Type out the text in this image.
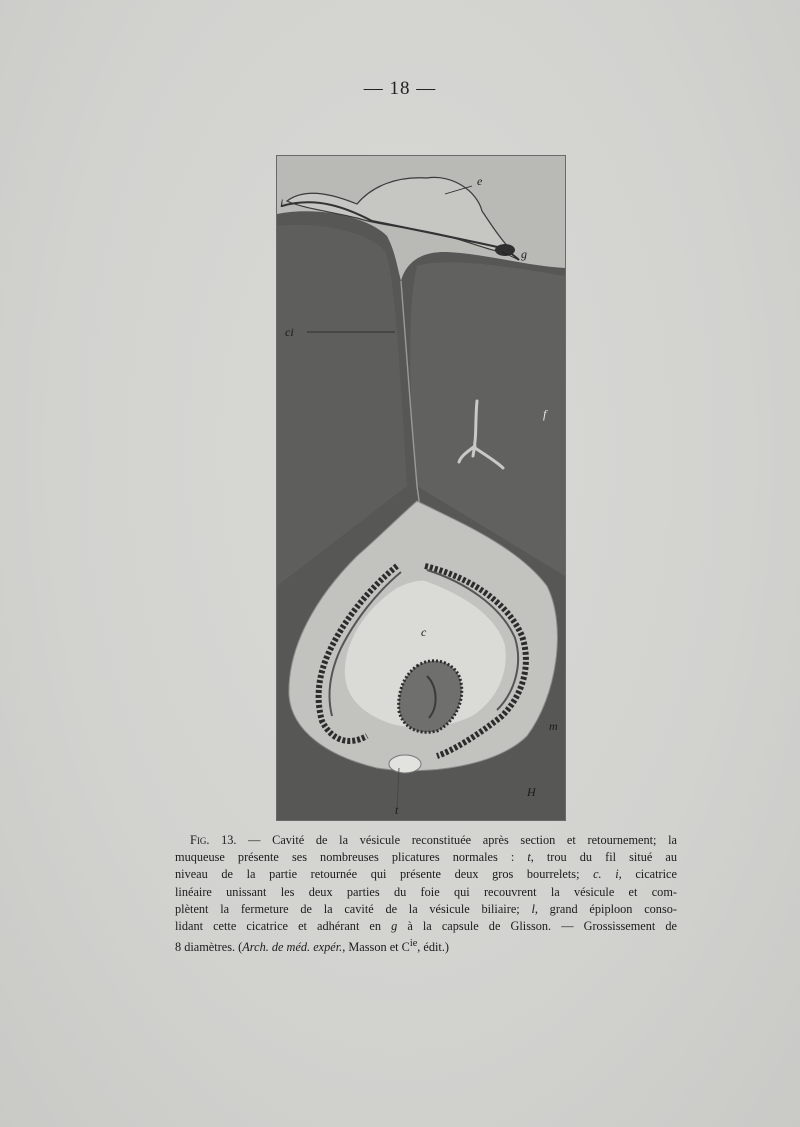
— 18 —
e
i
g
ci
f
c
m
t
H
Fig. 13. — Cavité de la vésicule reconstituée après section et retournement; la
muqueuse présente ses nombreuses plicatures normales : t, trou du fil situé au
niveau de la partie retournée qui présente deux gros bourrelets; c. i, cicatrice
linéaire unissant les deux parties du foie qui recouvrent la vésicule et com-
plètent la fermeture de la cavité de la vésicule biliaire; l, grand épiploon conso-
lidant cette cicatrice et adhérant en g à la capsule de Glisson. — Grossissement de
8 diamètres. (Arch. de méd. expér., Masson et $C^{ie}$, édit.)
